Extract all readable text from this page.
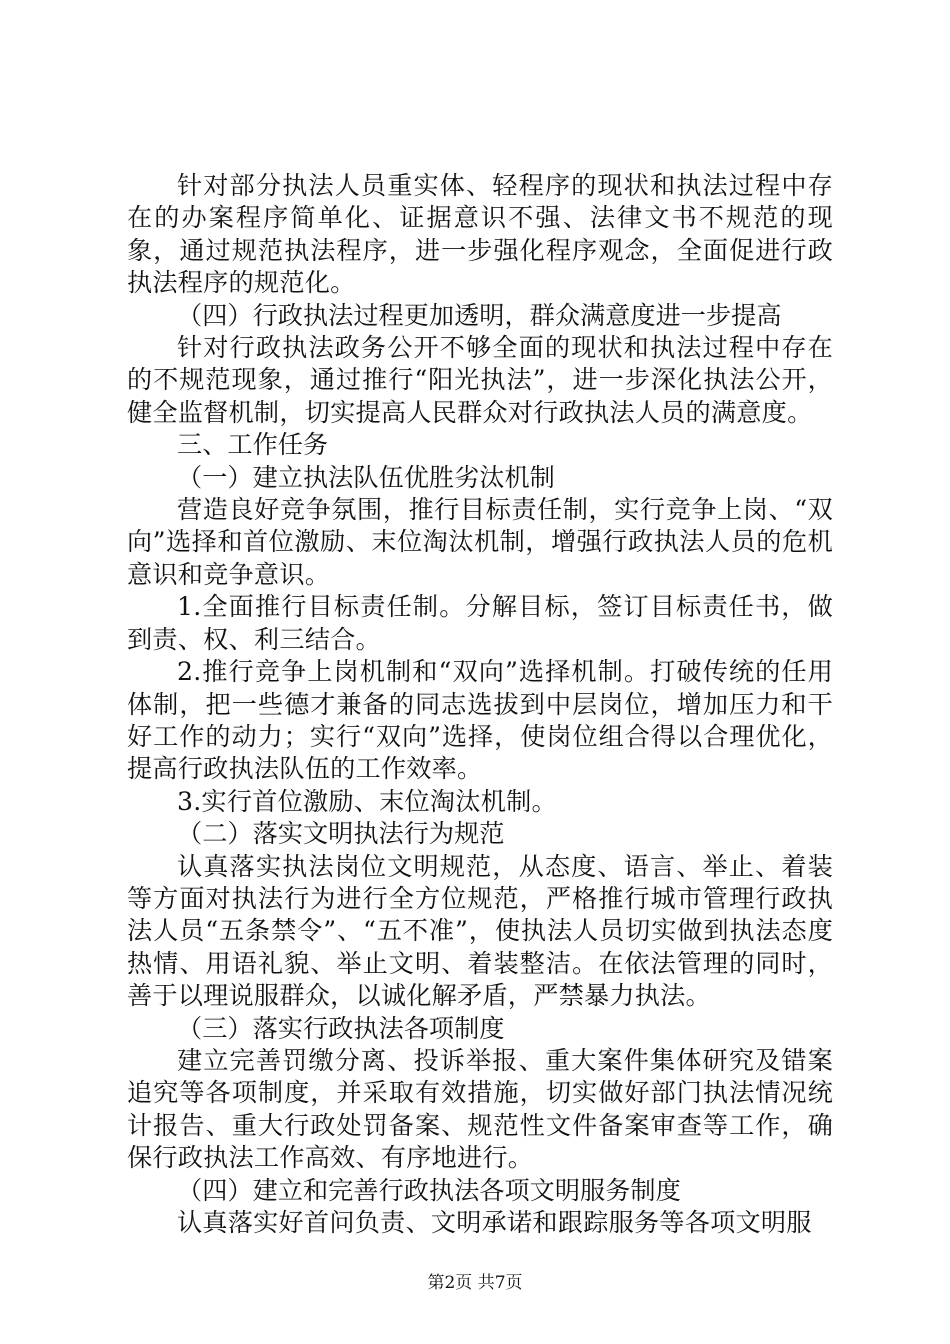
针对部分执法人员重实体、轻程序的现状和执法过程中存在的办案程序简单化、证据意识不强、法律文书不规范的现象，通过规范执法程序，进一步强化程序观念，全面促进行政执法程序的规范化。

（四）行政执法过程更加透明，群众满意度进一步提高

针对行政执法政务公开不够全面的现状和执法过程中存在的不规范现象，通过推行“阳光执法”，进一步深化执法公开，健全监督机制，切实提高人民群众对行政执法人员的满意度。

三、工作任务

（一）建立执法队伍优胜劣汰机制

营造良好竞争氛围，推行目标责任制，实行竞争上岗、“双向”选择和首位激励、末位淘汰机制，增强行政执法人员的危机意识和竞争意识。

1.全面推行目标责任制。分解目标，签订目标责任书，做到责、权、利三结合。

2.推行竞争上岗机制和“双向”选择机制。打破传统的任用体制，把一些德才兼备的同志选拔到中层岗位，增加压力和干好工作的动力；实行“双向”选择，使岗位组合得以合理优化，提高行政执法队伍的工作效率。

3.实行首位激励、末位淘汰机制。

（二）落实文明执法行为规范

认真落实执法岗位文明规范，从态度、语言、举止、着装等方面对执法行为进行全方位规范，严格推行城市管理行政执法人员“五条禁令”、“五不准”，使执法人员切实做到执法态度热情、用语礼貌、举止文明、着装整洁。在依法管理的同时，善于以理说服群众，以诚化解矛盾，严禁暴力执法。

（三）落实行政执法各项制度

建立完善罚缴分离、投诉举报、重大案件集体研究及错案追究等各项制度，并采取有效措施，切实做好部门执法情况统计报告、重大行政处罚备案、规范性文件备案审查等工作，确保行政执法工作高效、有序地进行。

（四）建立和完善行政执法各项文明服务制度

认真落实好首问负责、文明承诺和跟踪服务等各项文明服

第2页 共7页
